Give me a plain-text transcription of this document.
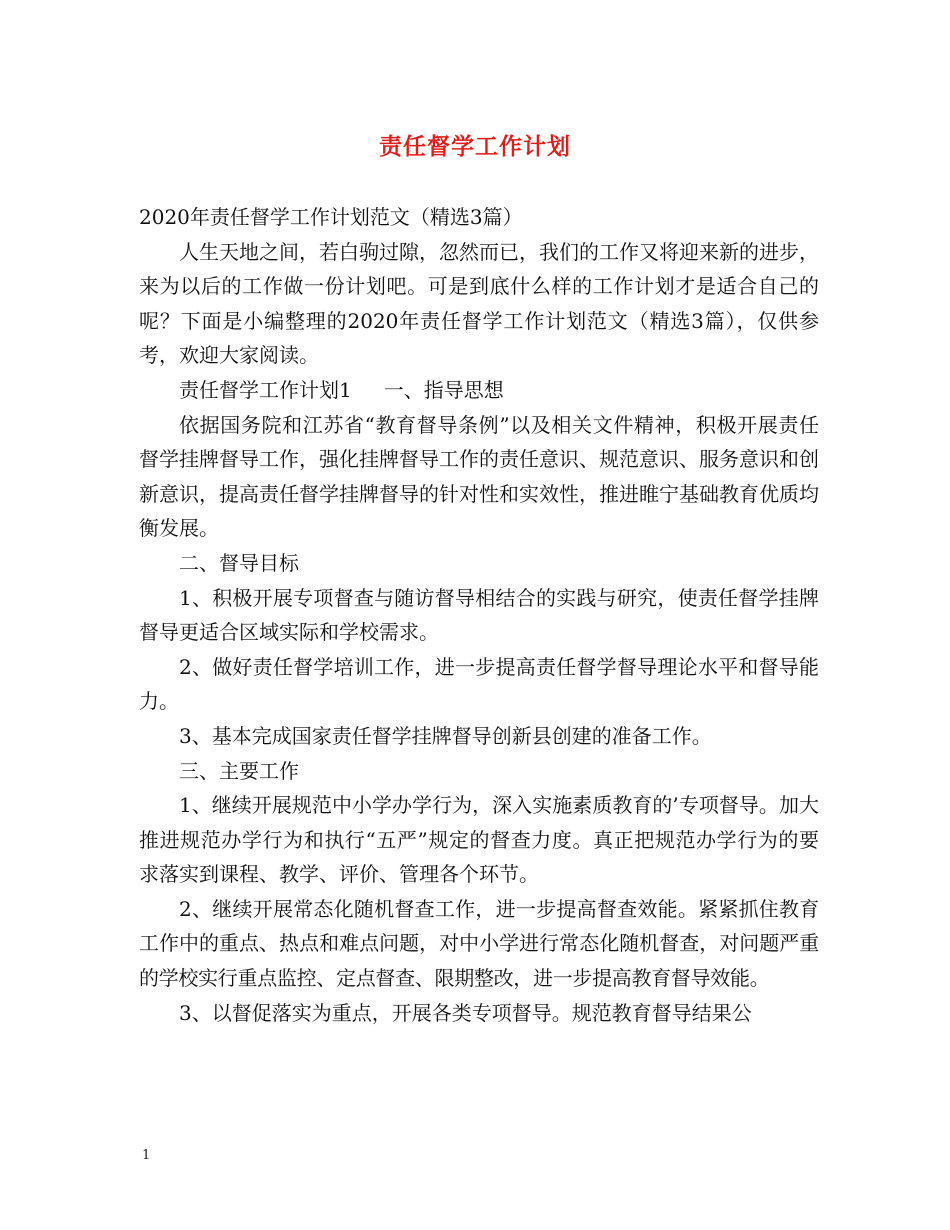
责任督学工作计划

2020年责任督学工作计划范文（精选3篇）

人生天地之间，若白驹过隙，忽然而已，我们的工作又将迎来新的进步，来为以后的工作做一份计划吧。可是到底什么样的工作计划才是适合自己的呢？下面是小编整理的2020年责任督学工作计划范文（精选3篇），仅供参考，欢迎大家阅读。

责任督学工作计划1 一、指导思想

依据国务院和江苏省“教育督导条例”以及相关文件精神，积极开展责任督学挂牌督导工作，强化挂牌督导工作的责任意识、规范意识、服务意识和创新意识，提高责任督学挂牌督导的针对性和实效性，推进睢宁基础教育优质均衡发展。

二、督导目标

1、积极开展专项督查与随访督导相结合的实践与研究，使责任督学挂牌督导更适合区域实际和学校需求。

2、做好责任督学培训工作，进一步提高责任督学督导理论水平和督导能力。

3、基本完成国家责任督学挂牌督导创新县创建的准备工作。

三、主要工作

1、继续开展规范中小学办学行为，深入实施素质教育的’专项督导。加大推进规范办学行为和执行“五严”规定的督查力度。真正把规范办学行为的要求落实到课程、教学、评价、管理各个环节。

2、继续开展常态化随机督查工作，进一步提高督查效能。紧紧抓住教育工作中的重点、热点和难点问题，对中小学进行常态化随机督查，对问题严重的学校实行重点监控、定点督查、限期整改，进一步提高教育督导效能。

3、以督促落实为重点，开展各类专项督导。规范教育督导结果公

1
